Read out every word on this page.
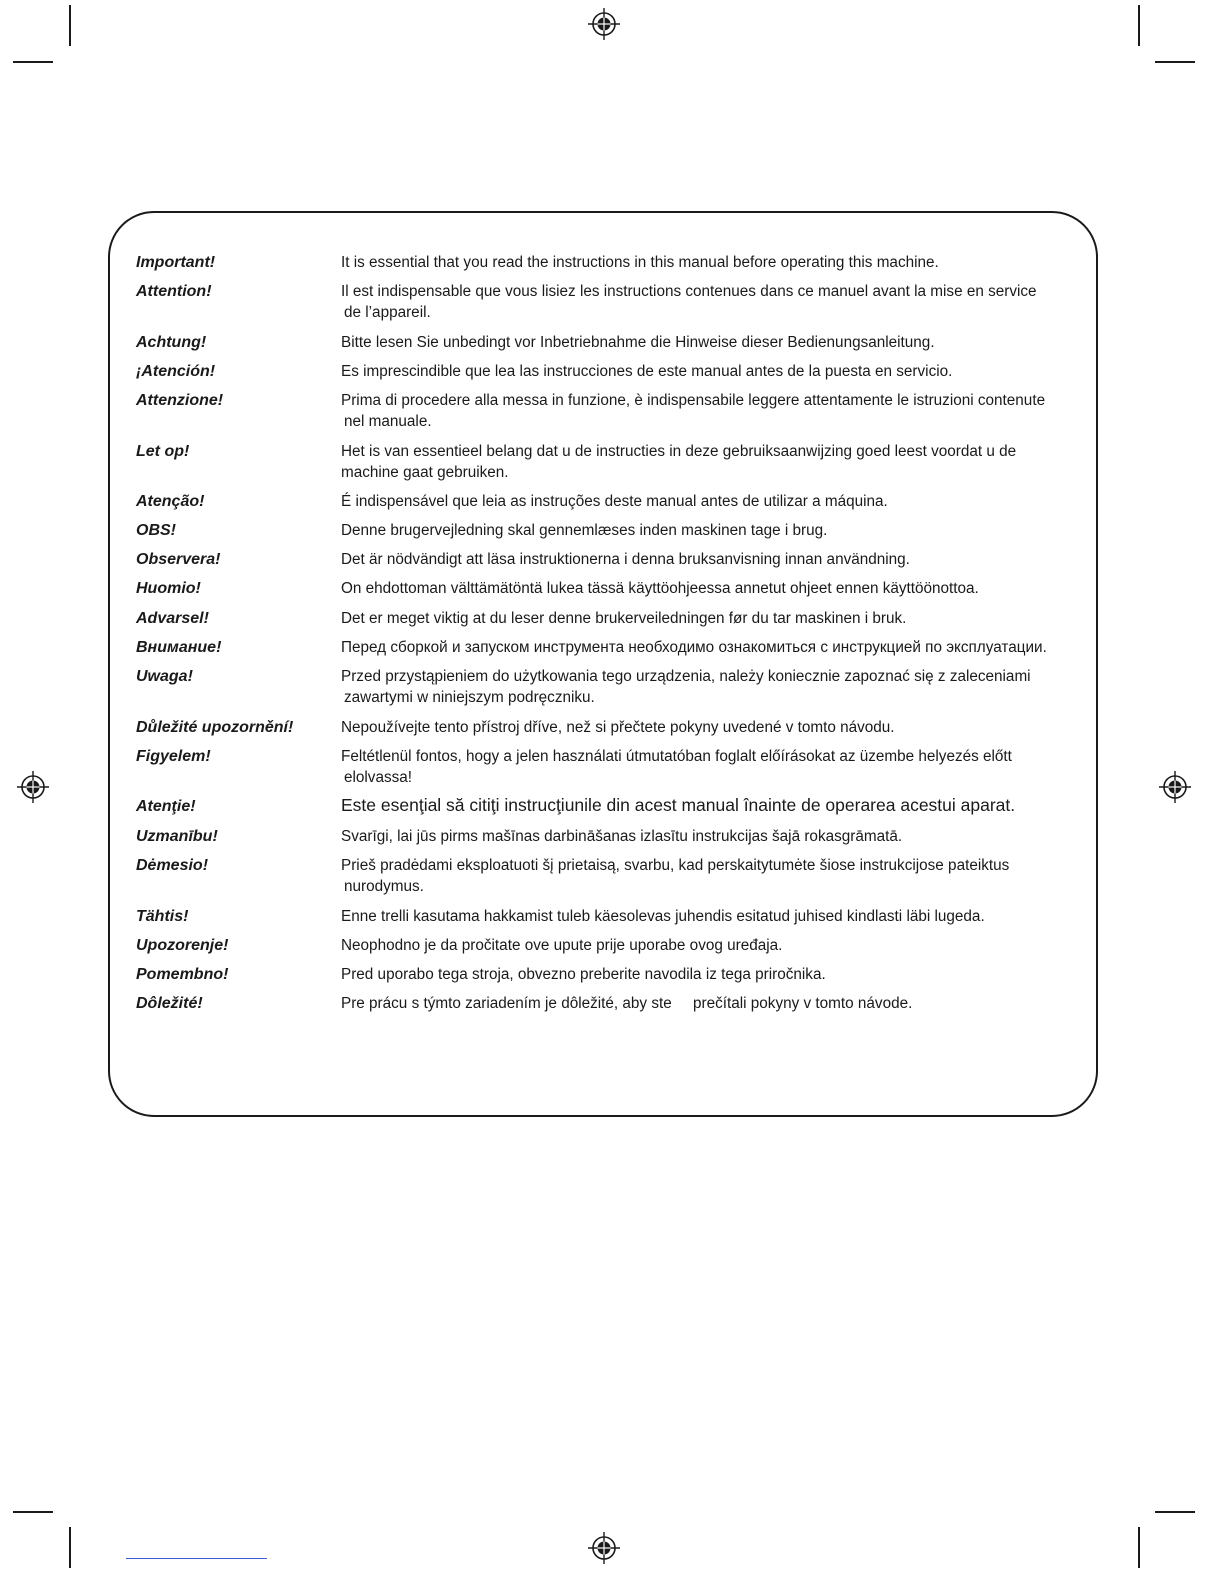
Important!	It is essential that you read the instructions in this manual before operating this machine.
Attention!	Il est indispensable que vous lisiez les instructions contenues dans ce manuel avant la mise en service
de l’appareil.
Achtung!	Bitte lesen Sie unbedingt vor Inbetriebnahme die Hinweise dieser Bedienungsanleitung.
¡Atención!	Es imprescindible que lea las instrucciones de este manual antes de la puesta en servicio.
Attenzione!	Prima di procedere alla messa in funzione, è indispensabile leggere attentamente le istruzioni contenute
nel manuale.
Let op!	Het is van essentieel belang dat u de instructies in deze gebruiksaanwijzing goed leest voordat u de
machine gaat gebruiken.
Atenção!	É indispensável que leia as instruções deste manual antes de utilizar a máquina.
OBS!	Denne brugervejledning skal gennemlæses inden maskinen tage i brug.
Observera!	Det är nödvändigt att läsa instruktionerna i denna bruksanvisning innan användning.
Huomio!	On ehdottoman välttämätöntä lukea tässä käyttöohjeessa annetut ohjeet ennen käyttöönottoa.
Advarsel!	Det er meget viktig at du leser denne brukerveiledningen før du tar maskinen i bruk.
Внимание!	Перед сборкой и запуском инструмента необходимо ознакомиться с инструкцией по эксплуатации.
Uwaga!	Przed przystąpieniem do użytkowania tego urządzenia, należy koniecznie zapoznać się z zaleceniami
zawartymi w niniejszym podręczniku.
Důležité upozornění!	Nepoužívejte tento přístroj dříve, než si přečtete pokyny uvedené v tomto návodu.
Figyelem!	Feltétlenül fontos, hogy a jelen használati útmutatóban foglalt előírásokat az üzembe helyezés előtt
elolvassa!
Atenţie!	Este esenţial să citiţi instrucţiunile din acest manual înainte de operarea acestui aparat.
Uzmanību!	Svarīgi, lai jūs pirms mašīnas darbināšanas izlasītu instrukcijas šajā rokasgrāmatā.
Dėmesio!	Prieš pradėdami eksploatuoti šį prietaisą, svarbu, kad perskaitytumėte šiose instrukcijose pateiktus
nurodymus.
Tähtis!	Enne trelli kasutama hakkamist tuleb käesolevas juhendis esitatud juhised kindlasti läbi lugeda.
Upozorenje!	Neophodno je da pročitate ove upute prije uporabe ovog uređaja.
Pomembno!	Pred uporabo tega stroja, obvezno preberite navodila iz tega priročnika.
Dôležité!	Pre prácu s týmto zariadením je dôležité, aby ste     prečítali pokyny v tomto návode.
